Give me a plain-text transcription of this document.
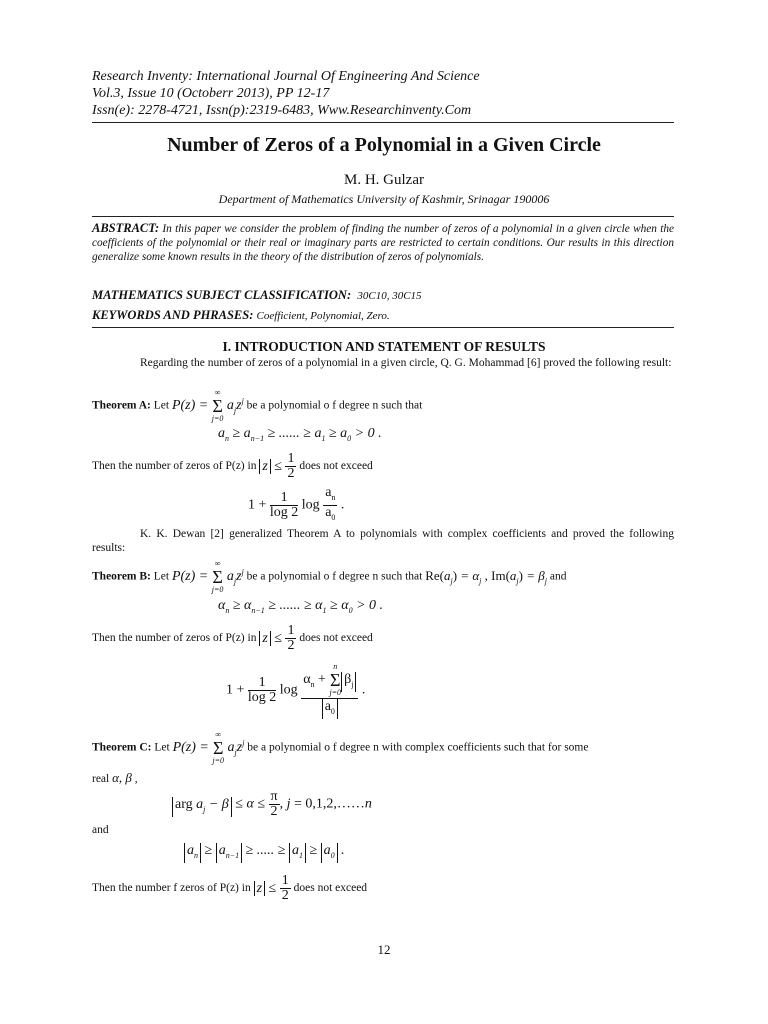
Research Inventy: International Journal Of Engineering And Science
Vol.3, Issue 10 (Octoberr 2013), PP 12-17
Issn(e): 2278-4721, Issn(p):2319-6483, Www.Researchinventy.Com
Number of Zeros of a Polynomial in a Given Circle
M. H. Gulzar
Department of Mathematics University of Kashmir, Srinagar 190006
ABSTRACT: In this paper we consider the problem of finding the number of zeros of a polynomial in a given circle when the coefficients of the polynomial or their real or imaginary parts are restricted to certain conditions. Our results in this direction generalize some known results in the theory of the distribution of zeros of polynomials.
MATHEMATICS SUBJECT CLASSIFICATION: 30C10, 30C15
KEYWORDS AND PHRASES: Coefficient, Polynomial, Zero.
I. INTRODUCTION AND STATEMENT OF RESULTS
Regarding the number of zeros of a polynomial in a given circle, Q. G. Mohammad [6] proved the following result:
Theorem A: Let P(z) =
∞
Σ
j=0
$a_jz^j$ be a polynomial o f degree n such that
$a_n \ge a_{n-1}$ ≥ ...... ≥ $a_1 \ge a_0 > 0$ .
Then the number of zeros of P(z) in $z \le \frac{1}{2}$ does not exceed
$1 + \frac{1}{\log 2}$ $\log \frac{a_n}{a_0}$ .
K. K. Dewan [2] generalized Theorem A to polynomials with complex coefficients and proved the following results:
Theorem B: Let P(z) =
∞
Σ
j=0
$a_jz^j$ be a polynomial o f degree n such that $Re(a_j) = \alpha_j$ , $Im(a_j) = \beta_j$ and
$\alpha_n \ge \alpha_{n-1}$ ≥ ...... ≥ $\alpha_1 \ge \alpha_0 > 0$ .
Then the number of zeros of P(z) in $z \le \frac{1}{2}$ does not exceed
$1 + \frac{1}{\log 2}$ $\log \alpha_n$ +
n
Σ
j=0
$\beta_j$
$a_0$ .
Theorem C: Let P(z) =
∞
Σ
j=0
$a_jz^j$ be a polynomial o f degree n with complex coefficients such that for some
real α, β ,
arg $a_j - \beta \le \alpha \le \frac{\pi}{2}$ , j = 0,1,2,……n
and
$a_n \ge a_{n-1}$ ≥ ..... ≥ $a_1 \ge a_0$ .
Then the number f zeros of P(z) in $z \le \frac{1}{2}$ does not exceed
12
